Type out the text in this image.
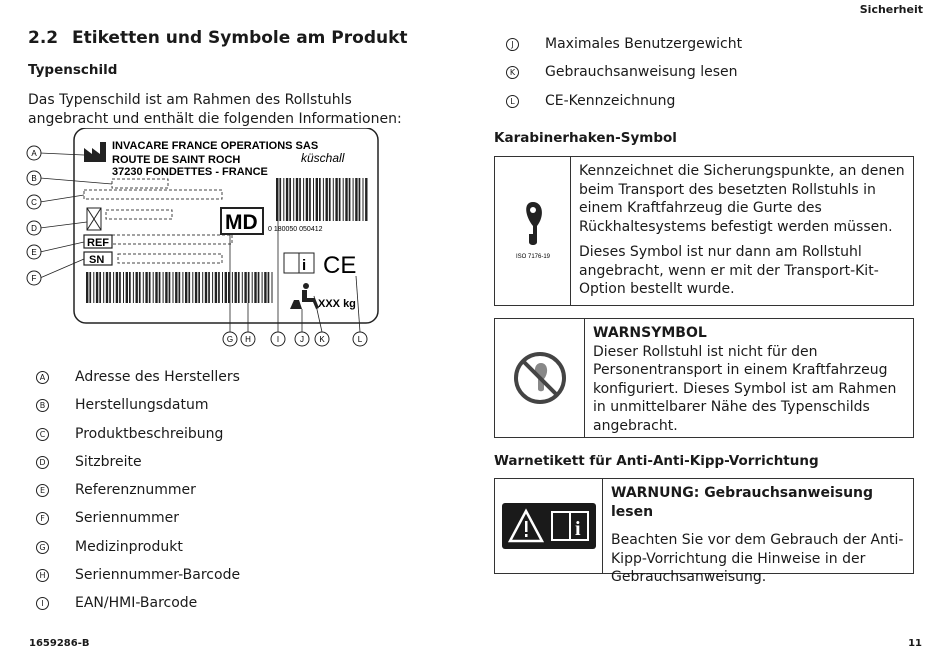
Sicherheit
2.2 Etiketten und Symbole am Produkt
Typenschild
Das Typenschild ist am Rahmen des Rollstuhls angebracht und enthält die folgenden Informationen:
INVACARE FRANCE OPERATIONS SAS
ROUTE DE SAINT ROCH
37230 FONDETTES - FRANCE
küschall
REF
SN
MD 0 180050 050412
i CE
XXX kg
A
B
C
D
E
F
G H	I	J K	L
A Adresse des Herstellers
B Herstellungsdatum
C Produktbeschreibung
D Sitzbreite
E Referenznummer
F	Seriennummer
G Medizinprodukt
H Seriennummer-Barcode
I	EAN/HMI-Barcode
J	Maximales Benutzergewicht
K Gebrauchsanweisung lesen
L	CE-Kennzeichnung
Karabinerhaken-Symbol
ISO 7176-19

Kennzeichnet die Sicherungspunkte, an denen beim Transport des besetzten Rollstuhls in einem Kraftfahrzeug die Gurte des Rückhaltesystems befestigt werden müssen.

Dieses Symbol ist nur dann am Rollstuhl angebracht, wenn er mit der Transport-Kit-Option bestellt wurde.

WARNSYMBOL
Dieser Rollstuhl ist nicht für den Personentransport in einem Kraftfahrzeug konfiguriert. Dieses Symbol ist am Rahmen in unmittelbarer Nähe des Typenschilds angebracht.
Warnetikett für Anti-Anti-Kipp-Vorrichtung
i
WARNUNG: Gebrauchsanweisung lesen
Beachten Sie vor dem Gebrauch der Anti-Kipp-Vorrichtung die Hinweise in der Gebrauchsanweisung.
1659286-B	11
